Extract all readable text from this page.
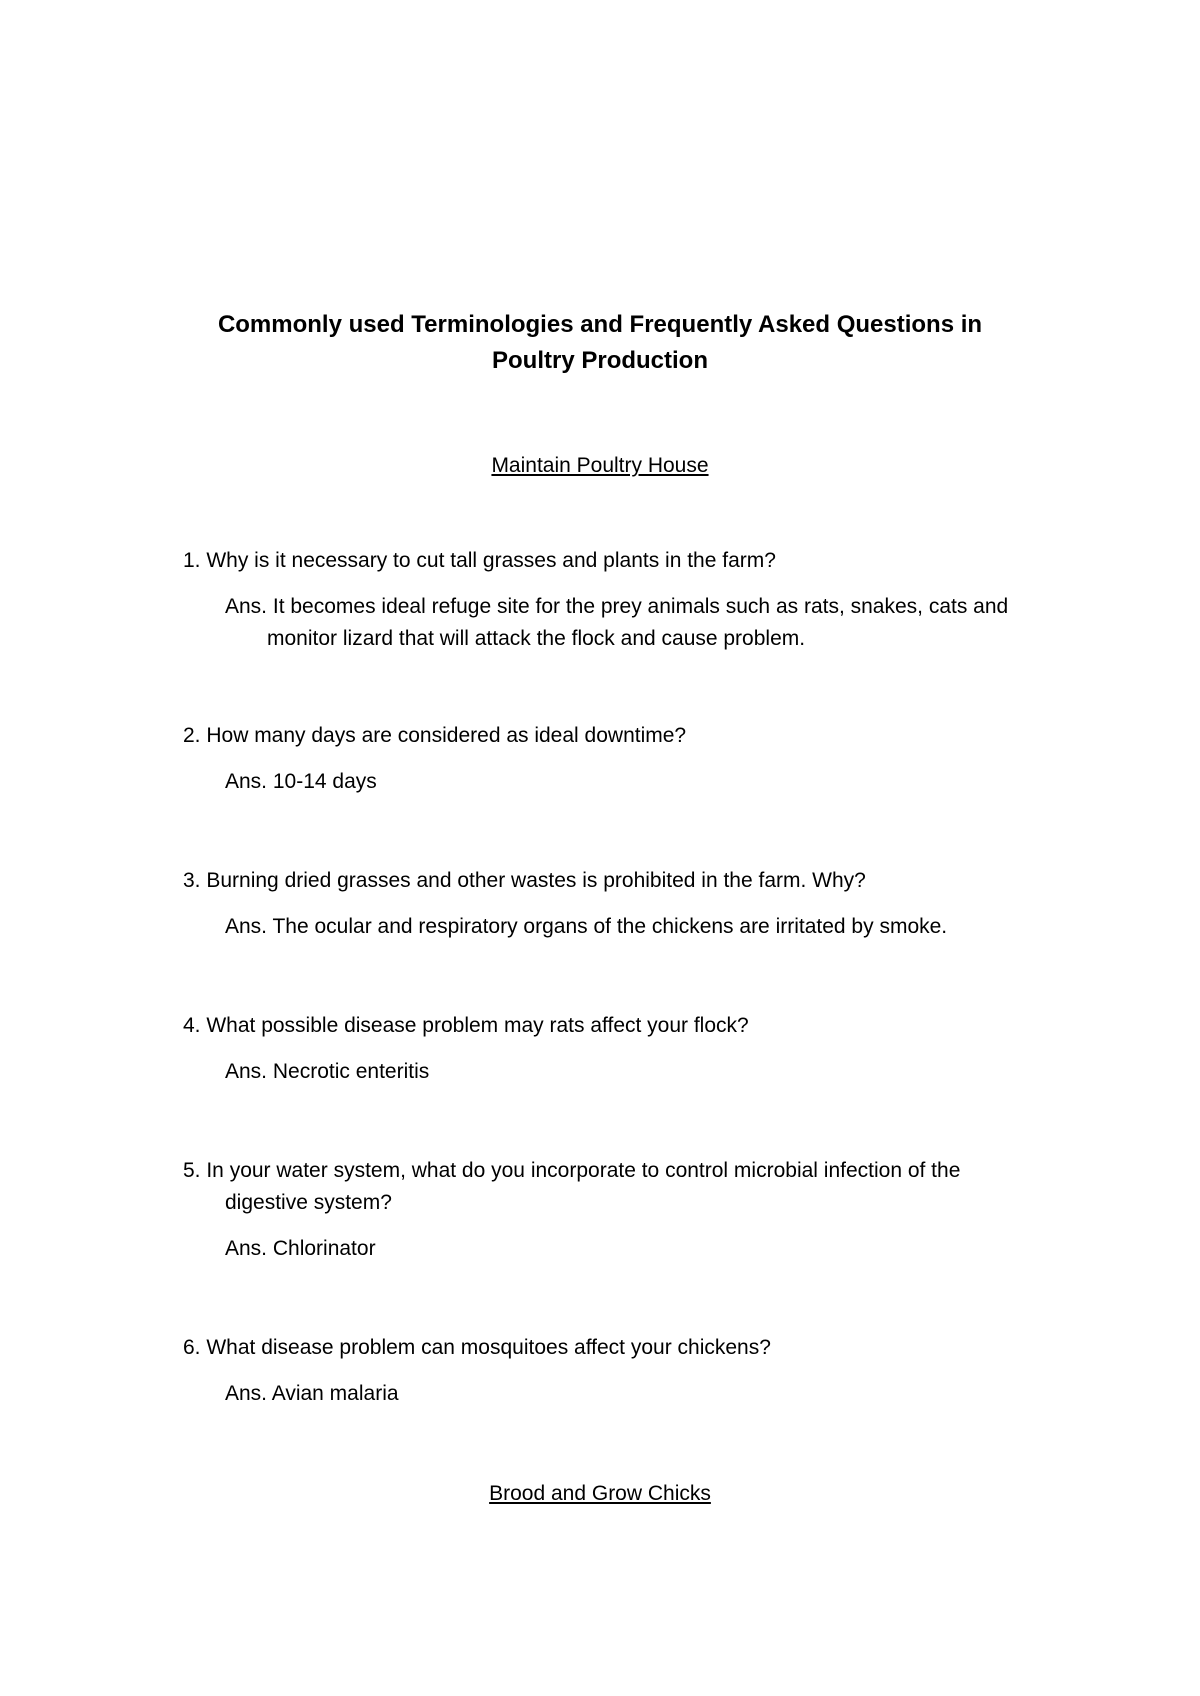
Commonly used Terminologies and Frequently Asked Questions in Poultry Production
Maintain Poultry House

1. Why is it necessary to cut tall grasses and plants in the farm?

Ans. It becomes ideal refuge site for the prey animals such as rats, snakes, cats and monitor lizard that will attack the flock and cause problem.

2. How many days are considered as ideal downtime?

Ans. 10-14 days

3. Burning dried grasses and other wastes is prohibited in the farm. Why?

Ans. The ocular and respiratory organs of the chickens are irritated by smoke.

4. What possible disease problem may rats affect your flock?

Ans. Necrotic enteritis

5. In your water system, what do you incorporate to control microbial infection of the digestive system?

Ans. Chlorinator

6. What disease problem can mosquitoes affect your chickens?

Ans. Avian malaria

Brood and Grow Chicks
